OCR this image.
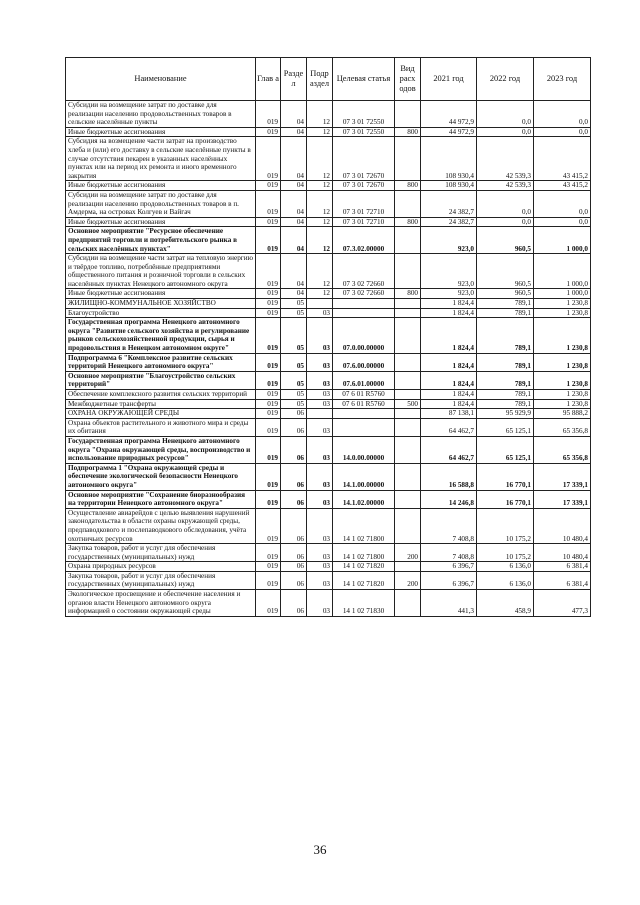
Наименование	Глав а	Разде л	Подр аздел	Целевая статья	Вид расх одов	2021 год	2022 год	2023 год
Субсидии на возмещение затрат по доставке для реализации населению продовольственных товаров в сельские населённые пункты	019	04	12	07 3 01 72550		44 972,9	0,0	0,0
Иные бюджетные ассигнования	019	04	12	07 3 01 72550	800	44 972,9	0,0	0,0
Субсидия на возмещение части затрат на производство хлеба и (или) его доставку в сельские населённые пункты в случае отсутствия пекарен в указанных населённых пунктах или на период их ремонта и иного временного закрытия	019	04	12	07 3 01 72670		108 930,4	42 539,3	43 415,2
Иные бюджетные ассигнования	019	04	12	07 3 01 72670	800	108 930,4	42 539,3	43 415,2
Субсидии на возмещение затрат по доставке для реализации населению продовольственных товаров в п. Амдерма, на островах Колгуев и Вайгач	019	04	12	07 3 01 72710		24 382,7	0,0	0,0
Иные бюджетные ассигнования	019	04	12	07 3 01 72710	800	24 382,7	0,0	0,0
Основное мероприятие "Ресурсное обеспечение предприятий торговли и потребительского рынка в сельских населённых пунктах"	019	04	12	07.3.02.00000		923,0	960,5	1 000,0
Субсидии на возмещение части затрат на тепловую энергию и твёрдое топливо, потреблённые предприятиями общественного питания и розничной торговли в сельских населённых пунктах Ненецкого автономного округа	019	04	12	07 3 02 72660		923,0	960,5	1 000,0
Иные бюджетные ассигнования	019	04	12	07 3 02 72660	800	923,0	960,5	1 000,0
ЖИЛИЩНО-КОММУНАЛЬНОЕ ХОЗЯЙСТВО	019	05				1 824,4	789,1	1 230,8
Благоустройство	019	05	03			1 824,4	789,1	1 230,8
Государственная программа Ненецкого автономного округа "Развитие сельского хозяйства и регулирование рынков сельскохозяйственной продукции, сырья и продовольствия в Ненецком автономном округе"	019	05	03	07.0.00.00000		1 824,4	789,1	1 230,8
Подпрограмма 6 "Комплексное развитие сельских территорий Ненецкого автономного округа"	019	05	03	07.6.00.00000		1 824,4	789,1	1 230,8
Основное мероприятие "Благоустройство сельских территорий"	019	05	03	07.6.01.00000		1 824,4	789,1	1 230,8
Обеспечение комплексного развития сельских территорий	019	05	03	07 6 01 R5760		1 824,4	789,1	1 230,8
Межбюджетные трансферты	019	05	03	07 6 01 R5760	500	1 824,4	789,1	1 230,8
ОХРАНА ОКРУЖАЮЩЕЙ СРЕДЫ	019	06				87 138,1	95 929,9	95 888,2
Охрана объектов растительного и животного мира и среды их обитания	019	06	03			64 462,7	65 125,1	65 356,8
Государственная программа Ненецкого автономного округа "Охрана окружающей среды, воспроизводство и использование природных ресурсов"	019	06	03	14.0.00.00000		64 462,7	65 125,1	65 356,8
Подпрограмма 1 "Охрана окружающей среды и обеспечение экологической безопасности Ненецкого автономного округа"	019	06	03	14.1.00.00000		16 588,8	16 770,1	17 339,1
Основное мероприятие "Сохранение биоразнообразия на территории Ненецкого автономного округа"	019	06	03	14.1.02.00000		14 246,8	16 770,1	17 339,1
Осуществление авиарейдов с целью выявления нарушений законодательства в области охраны окружающей среды, предпаводкового и послепаводкового обследования, учёта охотничьих ресурсов	019	06	03	14 1 02 71800		7 408,8	10 175,2	10 480,4
Закупка товаров, работ и услуг для обеспечения государственных (муниципальных) нужд	019	06	03	14 1 02 71800	200	7 408,8	10 175,2	10 480,4
Охрана природных ресурсов	019	06	03	14 1 02 71820		6 396,7	6 136,0	6 381,4
Закупка товаров, работ и услуг для обеспечения государственных (муниципальных) нужд	019	06	03	14 1 02 71820	200	6 396,7	6 136,0	6 381,4
Экологическое просвещение и обеспечение населения и органов власти Ненецкого автономного округа информацией о состоянии окружающей среды	019	06	03	14 1 02 71830		441,3	458,9	477,3
36
